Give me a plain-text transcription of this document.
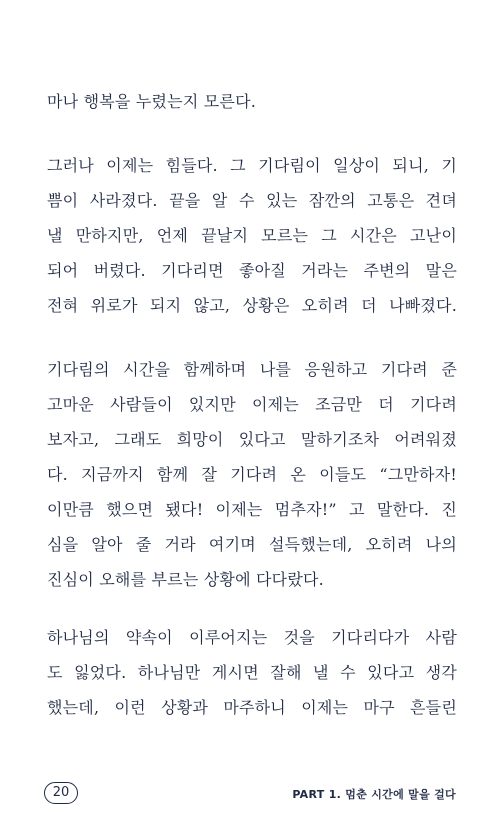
마나 행복을 누렸는지 모른다.
그러나 이제는 힘들다. 그 기다림이 일상이 되니, 기
쁨이 사라졌다. 끝을 알 수 있는 잠깐의 고통은 견뎌
낼 만하지만, 언제 끝날지 모르는 그 시간은 고난이
되어 버렸다. 기다리면 좋아질 거라는 주변의 말은
전혀 위로가 되지 않고, 상황은 오히려 더 나빠졌다.
기다림의 시간을 함께하며 나를 응원하고 기다려 준
고마운 사람들이 있지만 이제는 조금만 더 기다려
보자고, 그래도 희망이 있다고 말하기조차 어려워졌
다. 지금까지 함께 잘 기다려 온 이들도 “그만하자!
이만큼 했으면 됐다! 이제는 멈추자!” 고 말한다. 진
심을 알아 줄 거라 여기며 설득했는데, 오히려 나의
진심이 오해를 부르는 상황에 다다랐다.
하나님의 약속이 이루어지는 것을 기다리다가 사람
도 잃었다. 하나님만 게시면 잘해 낼 수 있다고 생각
했는데, 이런 상황과 마주하니 이제는 마구 흔들린
20	PART 1. 멈춘 시간에 말을 걸다
